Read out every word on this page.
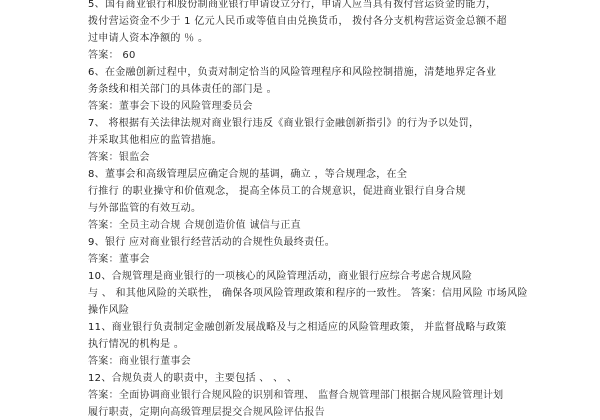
5、国有商业银行和股份制商业银行申请设立分行，申请人应当具有拨付营运资金的能力，
拨付营运资金不少于 1 亿元人民币或等值自由兑换货币， 拨付各分支机构营运资金总额不超
过申请人资本净额的 ％ 。
答案： 60
6、在金融创新过程中，负责对制定恰当的风险管理程序和风险控制措施，清楚地界定各业
务条线和相关部门的具体责任的部门是 。
答案：董事会下设的风险管理委员会
7、 将根据有关法律法规对商业银行违反《商业银行金融创新指引》的行为予以处罚，
并采取其他相应的监管措施。
答案：银监会
8、董事会和高级管理层应确定合规的基调，确立 ，等合规理念，在全
行推行 的职业操守和价值观念， 提高全体员工的合规意识，促进商业银行自身合规
与外部监管的有效互动。
答案：全员主动合规 合规创造价值 诚信与正直
9、银行 应对商业银行经营活动的合规性负最终责任。
答案：董事会
10、合规管理是商业银行的一项核心的风险管理活动，商业银行应综合考虑合规风险
与 、 和其他风险的关联性， 确保各项风险管理政策和程序的一致性。 答案：信用风险 市场风险
操作风险
11、商业银行负责制定金融创新发展战略及与之相适应的风险管理政策， 并监督战略与政策
执行情况的机构是 。
答案：商业银行董事会
12、合规负责人的职责中，主要包括 、 、 、
答案：全面协调商业银行合规风险的识别和管理、 监督合规管理部门根据合规风险管理计划
履行职责，定期向高级管理层提交合规风险评估报告
